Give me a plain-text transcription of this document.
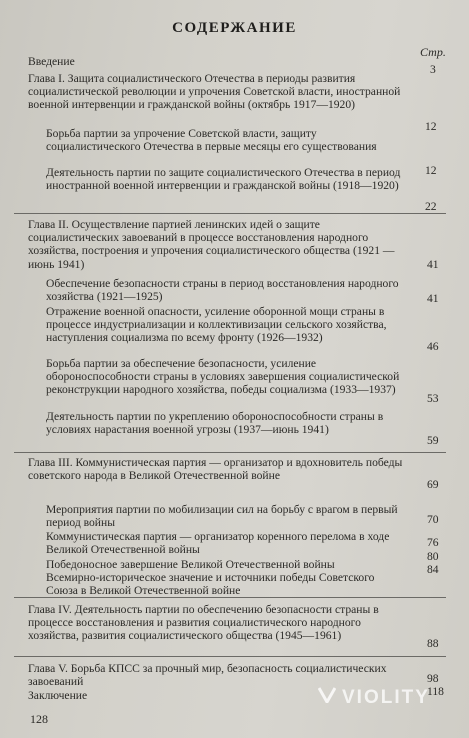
СОДЕРЖАНИЕ
Стр.
Введение
3
Глава I. Защита социалистического Отечества в периоды развития социалистической революции и упрочения Советской власти, иностранной военной интервенции и гражданской войны (октябрь 1917—1920)
Борьба партии за упрочение Советской власти, защиту социалистического Отечества в первые месяцы его существования
12
Деятельность партии по защите социалистического Отечества в период иностранной военной интервенции и гражданской войны (1918—1920)
12
Глава II. Осуществление партией ленинских идей о защите социалистических завоеваний в процессе восстановления народного хозяйства, построения и упрочения социалистического общества (1921 — июнь 1941)
22
Обеспечение безопасности страны в период восстановления народного хозяйства (1921—1925)
41
Отражение военной опасности, усиление оборонной мощи страны в процессе индустриализации и коллективизации сельского хозяйства, наступления социализма по всему фронту (1926—1932)
41
Борьба партии за обеспечение безопасности, усиление обороноспособности страны в условиях завершения социалистической реконструкции народного хозяйства, победы социализма (1933—1937)
46
Деятельность партии по укреплению обороноспособности страны в условиях нарастания военной угрозы (1937—июнь 1941)
53
Глава III. Коммунистическая партия — организатор и вдохновитель победы советского народа в Великой Отечественной войне
59
Мероприятия партии по мобилизации сил на борьбу с врагом в первый период войны
69
Коммунистическая партия — организатор коренного перелома в ходе Великой Отечественной войны
70
Победоносное завершение Великой Отечественной войны
76
Всемирно-историческое значение и источники победы Советского Союза в Великой Отечественной войне
80
Глава IV. Деятельность партии по обеспечению безопасности страны в процессе восстановления и развития социалистического народного хозяйства, развития социалистического общества (1945—1961)
84
Глава V. Борьба КПСС за прочный мир, безопасность социалистических завоеваний
88
Заключение
98
118
128
VIOLITY
